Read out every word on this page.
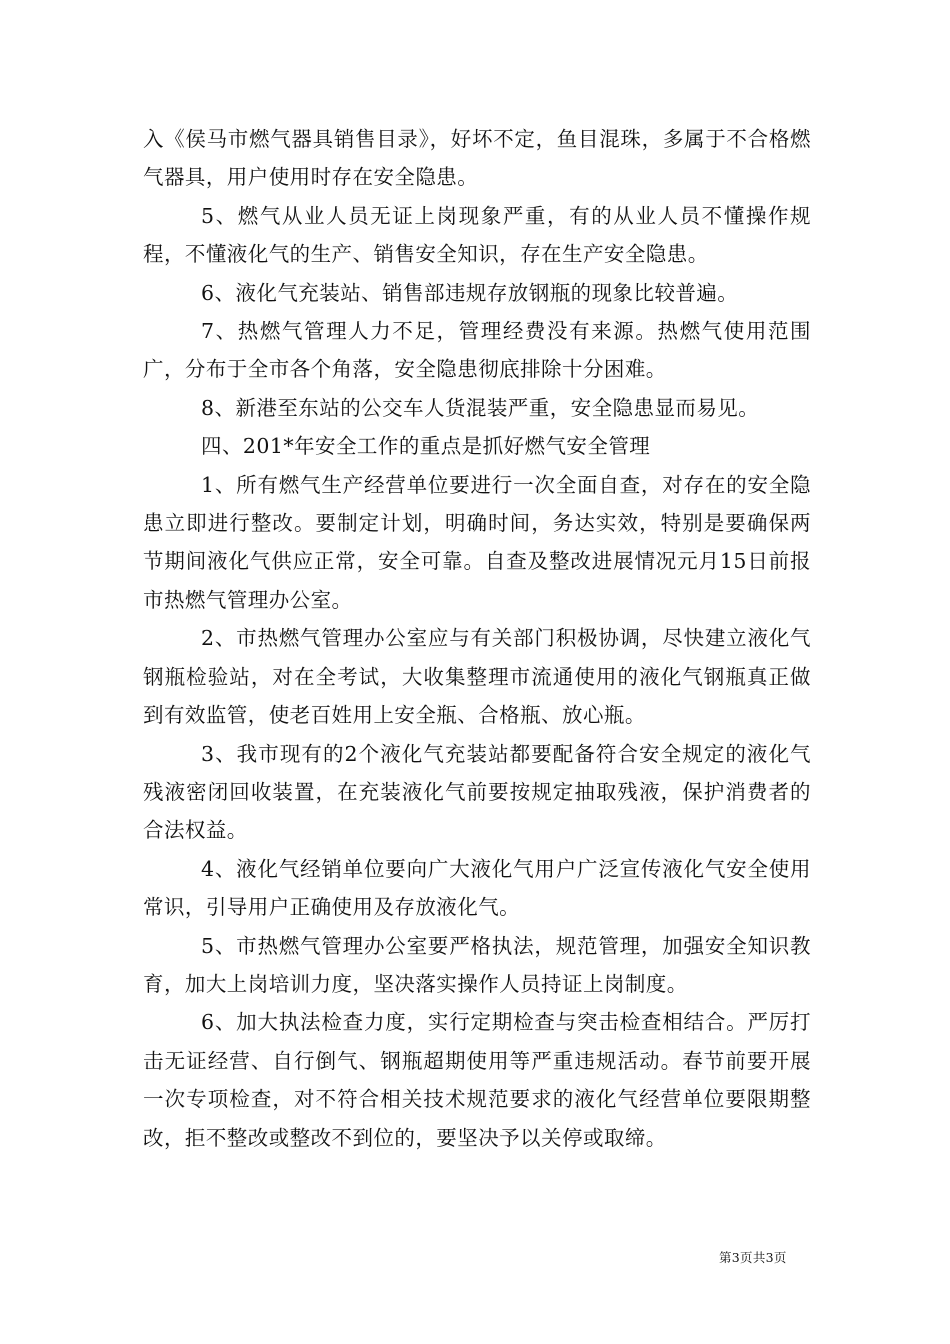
入《侯马市燃气器具销售目录》，好坏不定，鱼目混珠，多属于不合格燃气器具，用户使用时存在安全隐患。

5、燃气从业人员无证上岗现象严重，有的从业人员不懂操作规程，不懂液化气的生产、销售安全知识，存在生产安全隐患。

6、液化气充装站、销售部违规存放钢瓶的现象比较普遍。

7、热燃气管理人力不足，管理经费没有来源。热燃气使用范围广，分布于全市各个角落，安全隐患彻底排除十分困难。

8、新港至东站的公交车人货混装严重，安全隐患显而易见。

四、201*年安全工作的重点是抓好燃气安全管理

1、所有燃气生产经营单位要进行一次全面自查，对存在的安全隐患立即进行整改。要制定计划，明确时间，务达实效，特别是要确保两节期间液化气供应正常，安全可靠。自查及整改进展情况元月15日前报市热燃气管理办公室。

2、市热燃气管理办公室应与有关部门积极协调，尽快建立液化气钢瓶检验站，对在全考试，大收集整理市流通使用的液化气钢瓶真正做到有效监管，使老百姓用上安全瓶、合格瓶、放心瓶。

3、我市现有的2个液化气充装站都要配备符合安全规定的液化气残液密闭回收装置，在充装液化气前要按规定抽取残液，保护消费者的合法权益。

4、液化气经销单位要向广大液化气用户广泛宣传液化气安全使用常识，引导用户正确使用及存放液化气。

5、市热燃气管理办公室要严格执法，规范管理，加强安全知识教育，加大上岗培训力度，坚决落实操作人员持证上岗制度。

6、加大执法检查力度，实行定期检查与突击检查相结合。严厉打击无证经营、自行倒气、钢瓶超期使用等严重违规活动。春节前要开展一次专项检查，对不符合相关技术规范要求的液化气经营单位要限期整改，拒不整改或整改不到位的，要坚决予以关停或取缔。

第3页共3页
